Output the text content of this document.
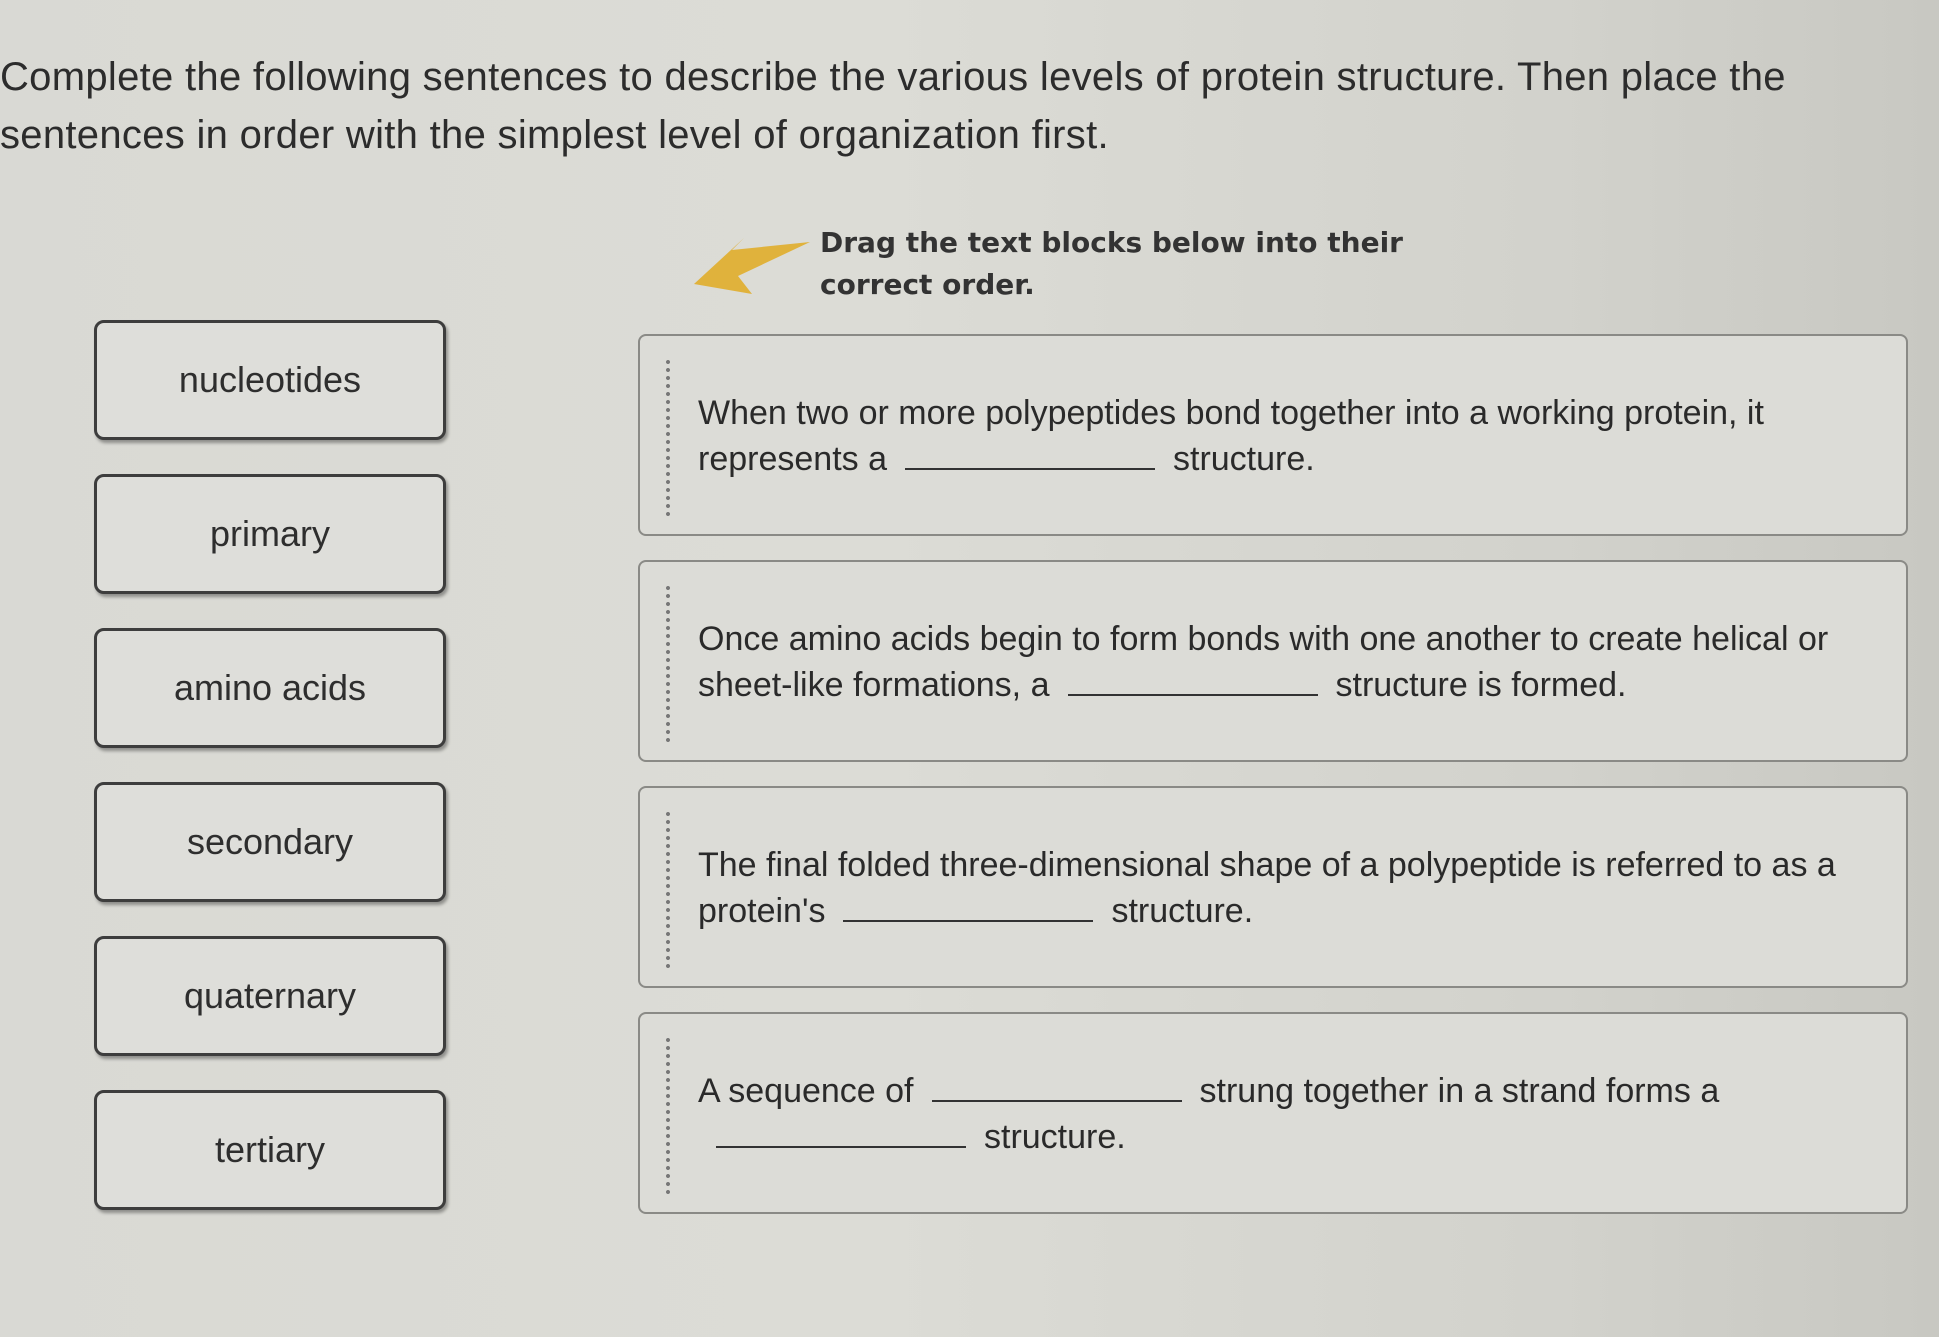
Complete the following sentences to describe the various levels of protein structure. Then place the sentences in order with the simplest level of organization first.
Drag the text blocks below into their correct order.
nucleotides
primary
amino acids
secondary
quaternary
tertiary
When two or more polypeptides bond together into a working protein, it represents a	structure.
Once amino acids begin to form bonds with one another to create helical or sheet-like formations, a	structure is formed.
The final folded three-dimensional shape of a polypeptide is referred to as a protein's	structure.
A sequence of	strung together in a strand forms astructure.
